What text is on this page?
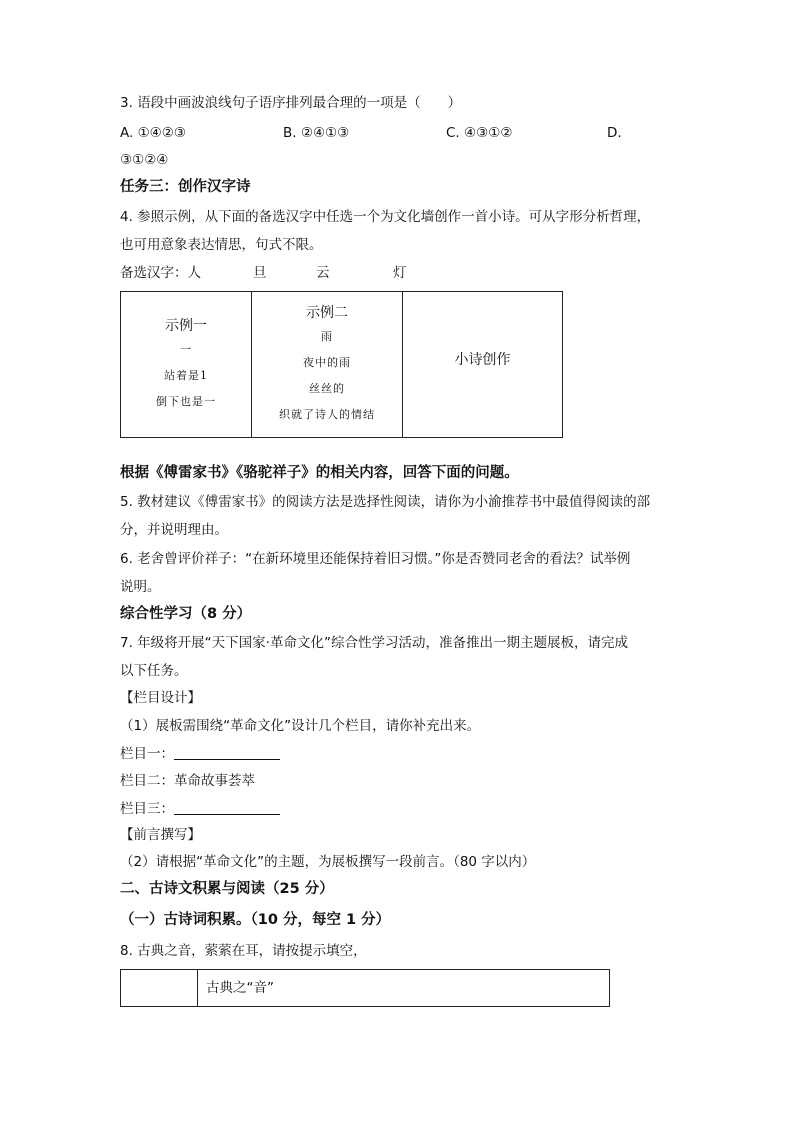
3. 语段中画波浪线句子语序排列最合理的一项是（　　）
A. ①④②③	B. ②④①③	C. ④③①②	D.
③①②④
任务三：创作汉字诗
4. 参照示例，从下面的备选汉字中任选一个为文化墙创作一首小诗。可从字形分析哲理，
也可用意象表达情思，句式不限。
备选汉字：人	旦	云	灯
示例一
一
站着是1
倒下也是一

示例二
雨
夜中的雨
丝丝的
织就了诗人的情结

小诗创作
根据《傅雷家书》《骆驼祥子》的相关内容，回答下面的问题。
5. 教材建议《傅雷家书》的阅读方法是选择性阅读，请你为小渝推荐书中最值得阅读的部
分，并说明理由。
6. 老舍曾评价祥子：“在新环境里还能保持着旧习惯。”你是否赞同老舍的看法？试举例
说明。
综合性学习（8 分）
7. 年级将开展“天下国家·革命文化”综合性学习活动，准备推出一期主题展板，请完成
以下任务。
【栏目设计】
（1）展板需围绕“革命文化”设计几个栏目，请你补充出来。
栏目一：
栏目二：革命故事荟萃
栏目三：
【前言撰写】
（2）请根据“革命文化”的主题，为展板撰写一段前言。（80 字以内）
二、古诗文积累与阅读（25 分）
（一）古诗词积累。（10 分，每空 1 分）
8. 古典之音，萦萦在耳，请按提示填空，
	古典之“音”
